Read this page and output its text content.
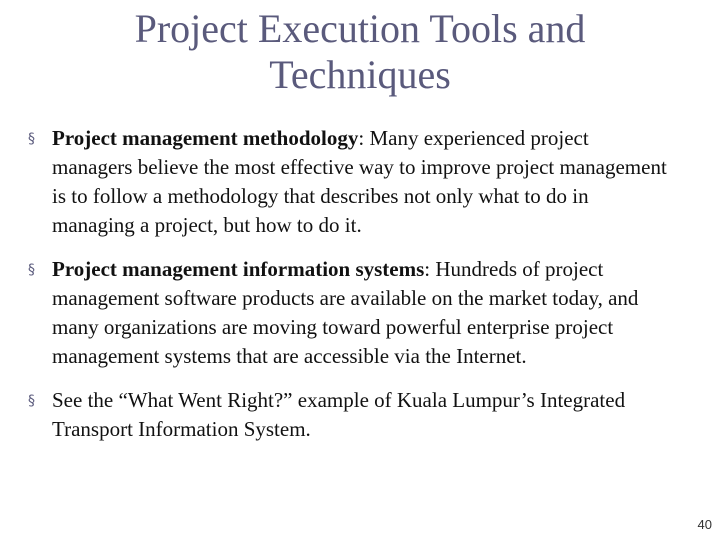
Project Execution Tools and Techniques
§ Project management methodology: Many experienced project managers believe the most effective way to improve project management is to follow a methodology that describes not only what to do in managing a project, but how to do it.
§ Project management information systems: Hundreds of project management software products are available on the market today, and many organizations are moving toward powerful enterprise project management systems that are accessible via the Internet.
§ See the “What Went Right?” example of Kuala Lumpur’s Integrated Transport Information System.
40
